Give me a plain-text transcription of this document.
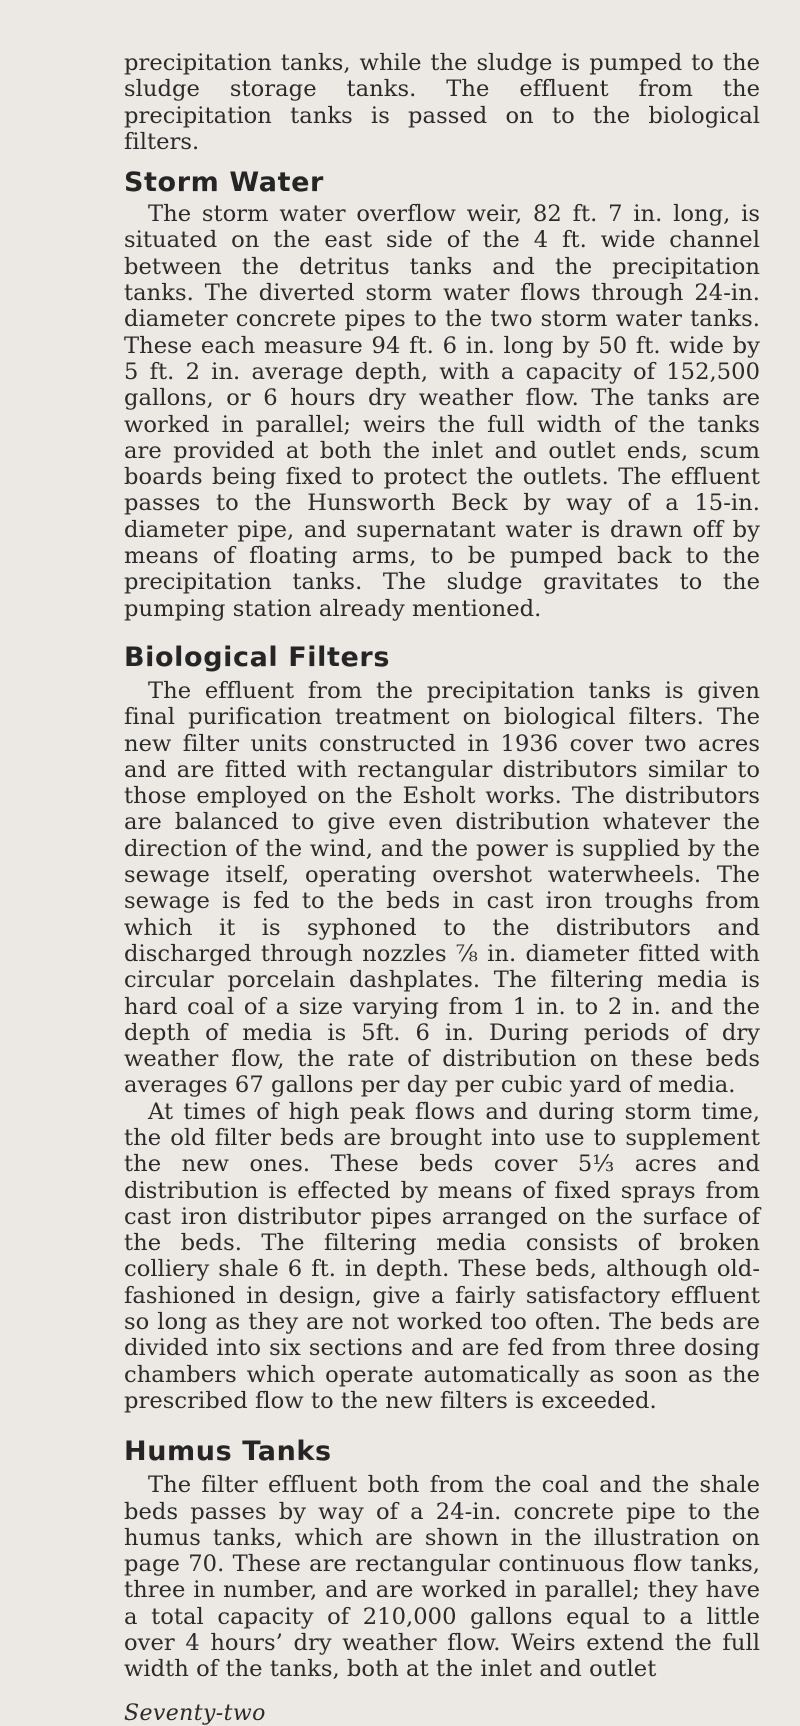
precipitation tanks, while the sludge is pumped to the sludge storage tanks. The effluent from the precipitation tanks is passed on to the biological filters.

Storm Water

The storm water overflow weir, 82 ft. 7 in. long, is situated on the east side of the 4 ft. wide channel between the detritus tanks and the precipitation tanks. The diverted storm water flows through 24-in. diameter concrete pipes to the two storm water tanks. These each measure 94 ft. 6 in. long by 50 ft. wide by 5 ft. 2 in. average depth, with a capacity of 152,500 gallons, or 6 hours dry weather flow. The tanks are worked in parallel; weirs the full width of the tanks are provided at both the inlet and outlet ends, scum boards being fixed to protect the outlets. The effluent passes to the Hunsworth Beck by way of a 15-in. diameter pipe, and supernatant water is drawn off by means of floating arms, to be pumped back to the precipitation tanks. The sludge gravitates to the pumping station already mentioned.

Biological Filters

The effluent from the precipitation tanks is given final purification treatment on biological filters. The new filter units constructed in 1936 cover two acres and are fitted with rectangular distributors similar to those employed on the Esholt works. The distributors are balanced to give even distribution whatever the direction of the wind, and the power is supplied by the sewage itself, operating overshot waterwheels. The sewage is fed to the beds in cast iron troughs from which it is syphoned to the distributors and discharged through nozzles ⅞ in. diameter fitted with circular porcelain dashplates. The filtering media is hard coal of a size varying from 1 in. to 2 in. and the depth of media is 5ft. 6 in. During periods of dry weather flow, the rate of distribution on these beds averages 67 gallons per day per cubic yard of media.

At times of high peak flows and during storm time, the old filter beds are brought into use to supplement the new ones. These beds cover 5⅓ acres and distribution is effected by means of fixed sprays from cast iron distributor pipes arranged on the surface of the beds. The filtering media consists of broken colliery shale 6 ft. in depth. These beds, although old-fashioned in design, give a fairly satisfactory effluent so long as they are not worked too often. The beds are divided into six sections and are fed from three dosing chambers which operate automatically as soon as the prescribed flow to the new filters is exceeded.

Humus Tanks

The filter effluent both from the coal and the shale beds passes by way of a 24-in. concrete pipe to the humus tanks, which are shown in the illustration on page 70. These are rectangular continuous flow tanks, three in number, and are worked in parallel; they have a total capacity of 210,000 gallons equal to a little over 4 hours’ dry weather flow. Weirs extend the full width of the tanks, both at the inlet and outlet

Seventy-two
